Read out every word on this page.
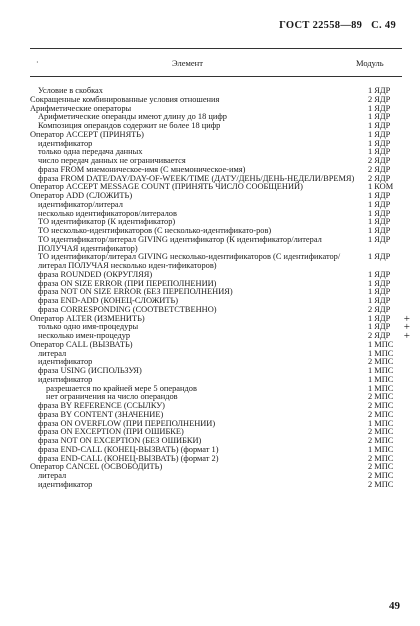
ГОСТ 22558—89 С. 49
·	Элемент	Модуль
Условие в скобках	1 ЯДР
Сокращенные комбинированные условия отношения	2 ЯДР
Арифметические операторы	1 ЯДР
Арифметические операнды имеют длину до 18 цифр	1 ЯДР
Композиция операндов содержит не более 18 цифр	1 ЯДР
Оператор ACCEPT (ПРИНЯТЬ)	1 ЯДР
идентификатор	1 ЯДР
только одна передача данных	1 ЯДР
число передач данных не ограничивается	2 ЯДР
фраза FROM мнемоническое-имя (С мнемоническое-имя)	2 ЯДР
фраза FROM DATE/DAY/DAY-OF-WEEK/TIME (ДАТУ/ДЕНЬ/ДЕНЬ-НЕДЕЛИ/ВРЕМЯ)	2 ЯДР
Оператор ACCEPT MESSAGE COUNT (ПРИНЯТЬ ЧИСЛО СООБЩЕНИЙ)	1 КОМ
Оператор ADD (СЛОЖИТЬ)	1 ЯДР
идентификатор/литерал	1 ЯДР
несколько идентификаторов/литералов	1 ЯДР
ТО идентификатор (К идентификатор)	1 ЯДР
ТО несколько-идентификаторов (С несколько-идентификато-ров)	1 ЯДР
ТО идентификатор/литерал GIVING идентификатор (К идентификатор/литерал ПОЛУЧАЯ идентификатор)
1 ЯДР
ТО идентификатор/литерал GIVING несколько-идентификаторов (С идентификатор/литерал ПОЛУЧАЯ несколько иден-тификаторов)
1 ЯДР
фраза ROUNDED (ОКРУГЛЯЯ)	1 ЯДР
фраза ON SIZE ERROR (ПРИ ПЕРЕПОЛНЕНИИ)	1 ЯДР
фраза NOT ON SIZE ERROR (БЕЗ ПЕРЕПОЛНЕНИЯ)	1 ЯДР
фраза END-ADD (КОНЕЦ-СЛОЖИТЬ)	1 ЯДР
фраза CORRESPONDING (СООТВЕТСТВЕННО)	2 ЯДР
Оператор ALTER (ИЗМЕНИТЬ)	1 ЯДР	+
только одно имя-процедуры	1 ЯДР	+
несколько имен-процедур	2 ЯДР	+
Оператор CALL (ВЫЗВАТЬ)	1 МПС
литерал	1 МПС
идентификатор	2 МПС
фраза USING (ИСПОЛЬЗУЯ)	1 МПС
идентификатор	1 МПС
разрешается по крайней мере 5 операндов	1 МПС
нет ограничения на число операндов	2 МПС
фраза BY REFERENCE (ССЫЛКУ)	2 МПС
фраза BY CONTENT (ЗНАЧЕНИЕ)	2 МПС
фраза ON OVERFLOW (ПРИ ПЕРЕПОЛНЕНИИ)	1 МПС
фраза ON EXCEPTION (ПРИ ОШИБКЕ)	2 МПС
фраза NOT ON EXCEPTION (БЕЗ ОШИБКИ)	2 МПС
фраза END-CALL (КОНЕЦ-ВЫЗВАТЬ) (формат 1)	1 МПС
фраза END-CALL (КОНЕЦ-ВЫЗВАТЬ) (формат 2)	2 МПС
Оператор CANCEL (ОСВОБОДИТЬ)	2 МПС
литерал	2 МПС
идентификатор	2 МПС
49
